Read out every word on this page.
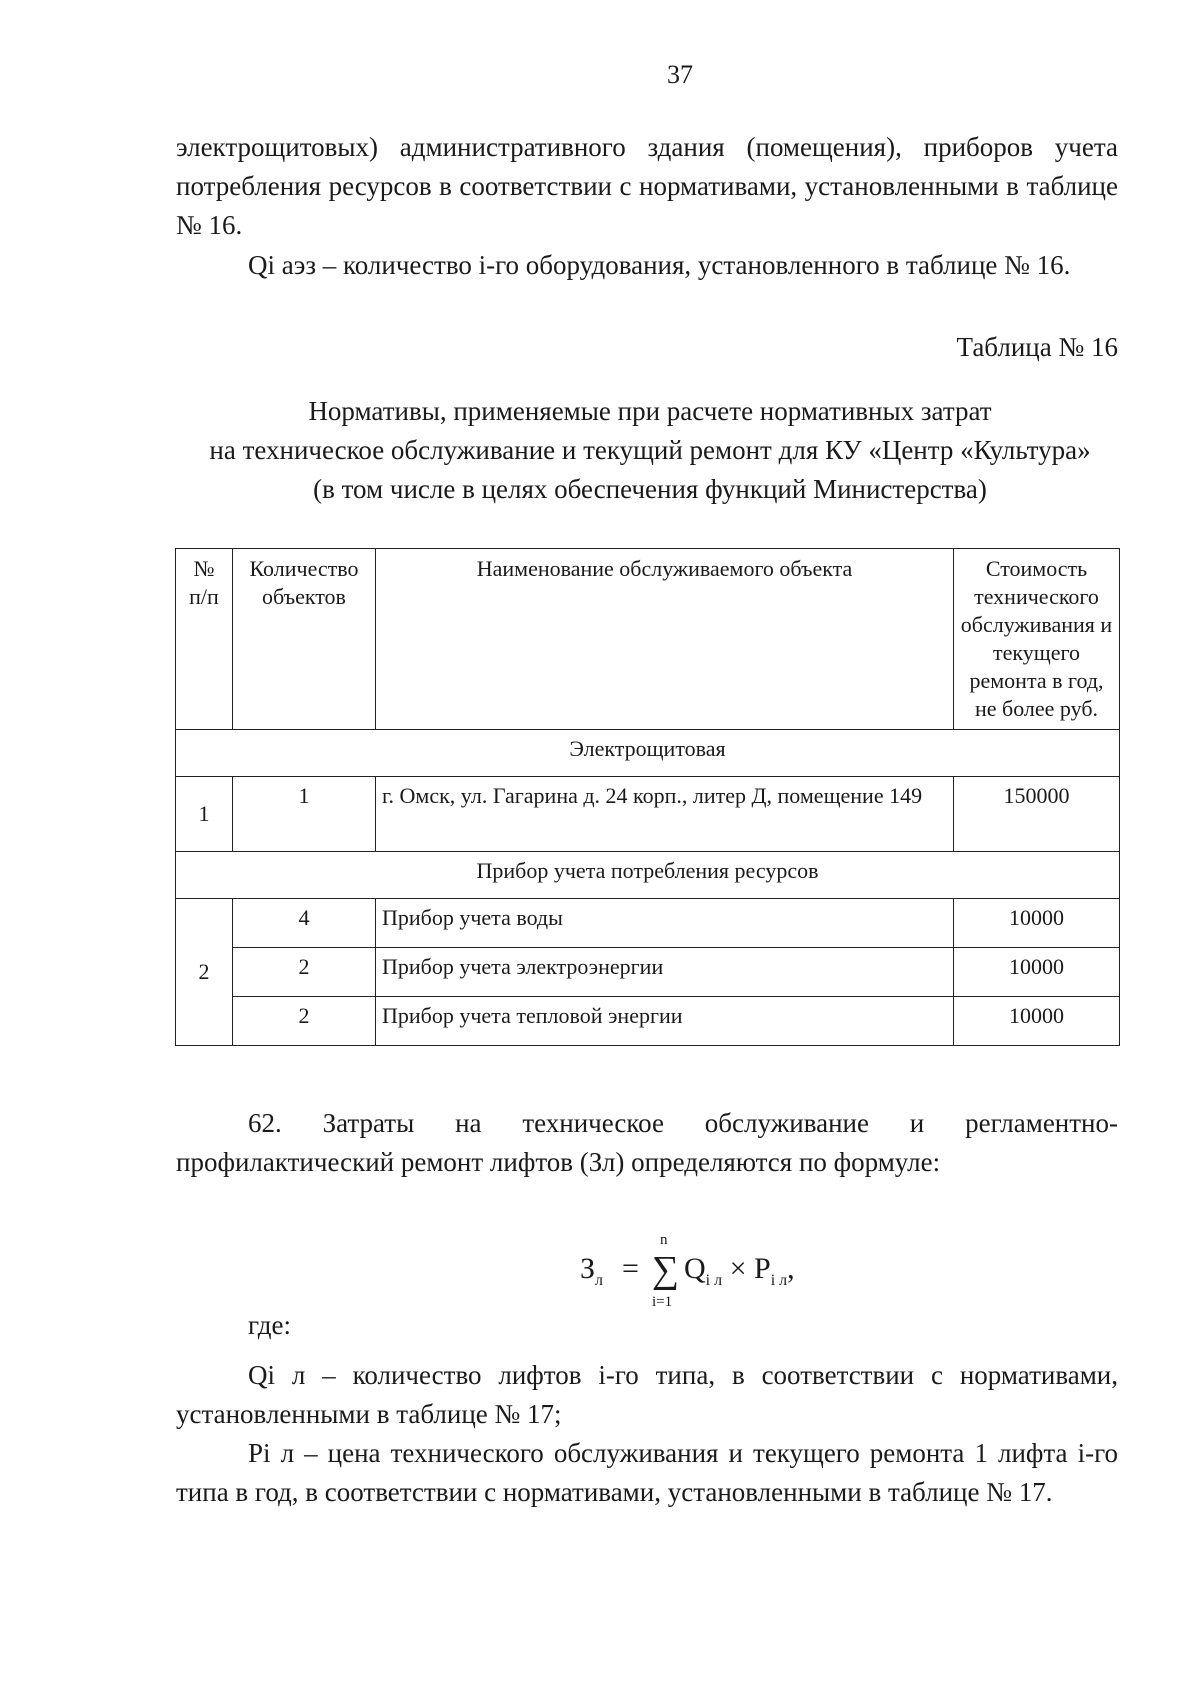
37

электрощитовых) административного здания (помещения), приборов учета потребления ресурсов в соответствии с нормативами, установленными в таблице № 16.

Qi аэз – количество i-го оборудования, установленного в таблице № 16.

Таблица № 16
Нормативы, применяемые при расчете нормативных затрат
на техническое обслуживание и текущий ремонт для КУ «Центр «Культура»
(в том числе в целях обеспечения функций Министерства)
№ п/п	Количество объектов	Наименование обслуживаемого объекта	Стоимость технического обслуживания и текущего ремонта в год, не более руб.
Электрощитовая			
1	1	г. Омск, ул. Гагарина д. 24 корп., литер Д, помещение 149	150000
Прибор учета потребления ресурсов			
2	4	Прибор учета воды	10000
	2	Прибор учета электроэнергии	10000
	2	Прибор учета тепловой энергии	10000

62. Затраты на техническое обслуживание и регламентно-профилактический ремонт лифтов (Зл) определяются по формуле:

$З_л$ =
n
∑
i=1
$Q_{i л} \times P_{i л}$,
где:

Qi л – количество лифтов i-го типа, в соответствии с нормативами, установленными в таблице № 17;

Pi л – цена технического обслуживания и текущего ремонта 1 лифта i-го типа в год, в соответствии с нормативами, установленными в таблице № 17.
